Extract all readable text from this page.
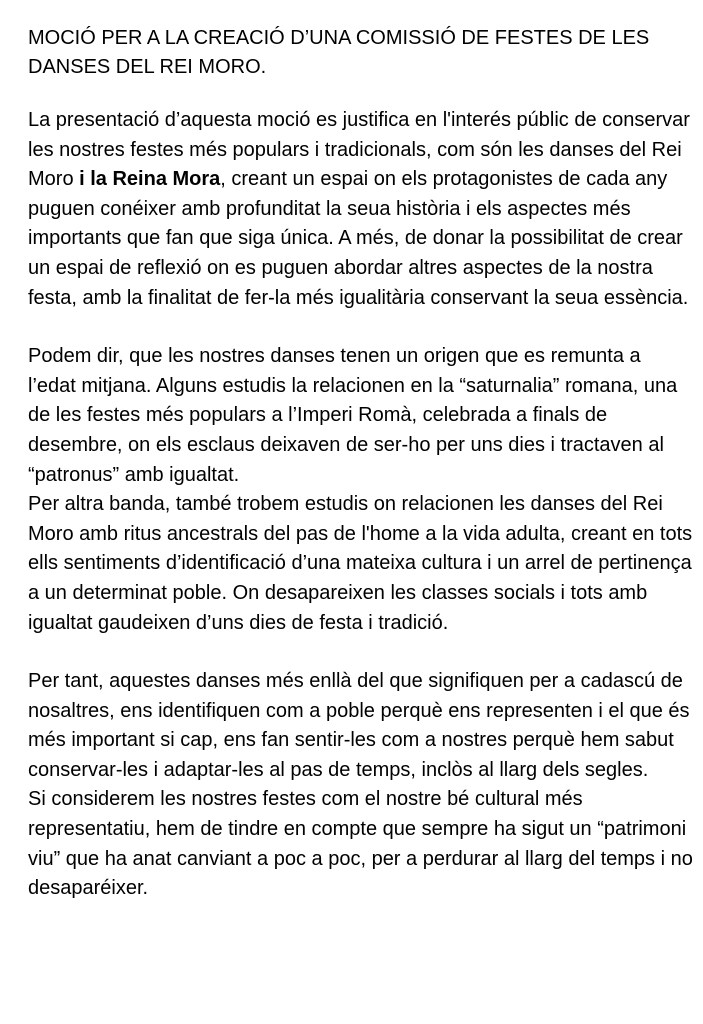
MOCIÓ PER A LA CREACIÓ D’UNA COMISSIÓ DE FESTES DE LES DANSES DEL REI MORO.

La presentació d’aquesta moció es justifica en l'interés públic de conservar les nostres festes més populars i tradicionals, com són les danses del Rei Moro i la Reina Mora, creant un espai on els protagonistes de cada any puguen conéixer amb profunditat la seua història i els aspectes més importants que fan que siga única. A més, de donar la possibilitat de crear un espai de reflexió on es puguen abordar altres aspectes de la nostra festa, amb la finalitat de fer-la més igualitària conservant la seua essència.

Podem dir, que les nostres danses tenen un origen que es remunta a l’edat mitjana. Alguns estudis la relacionen en la “saturnalia” romana, una de les festes més populars a l’Imperi Romà, celebrada a finals de desembre, on els esclaus deixaven de ser-ho per uns dies i tractaven al “patronus” amb igualtat.

Per altra banda, també trobem estudis on relacionen les danses del Rei Moro amb ritus ancestrals del pas de l'home a la vida adulta, creant en tots ells sentiments d’identificació d’una mateixa cultura i un arrel de pertinença a un determinat poble. On desapareixen les classes socials i tots amb igualtat gaudeixen d’uns dies de festa i tradició.

Per tant, aquestes danses més enllà del que signifiquen per a cadascú de nosaltres, ens identifiquen com a poble perquè ens representen i el que és més important si cap, ens fan sentir-les com a nostres perquè hem sabut conservar-les i adaptar-les al pas de temps, inclòs al llarg dels segles.

Si considerem les nostres festes com el nostre bé cultural més representatiu, hem de tindre en compte que sempre ha sigut un “patrimoni viu” que ha anat canviant a poc a poc, per a perdurar al llarg del temps i no desaparéixer.
